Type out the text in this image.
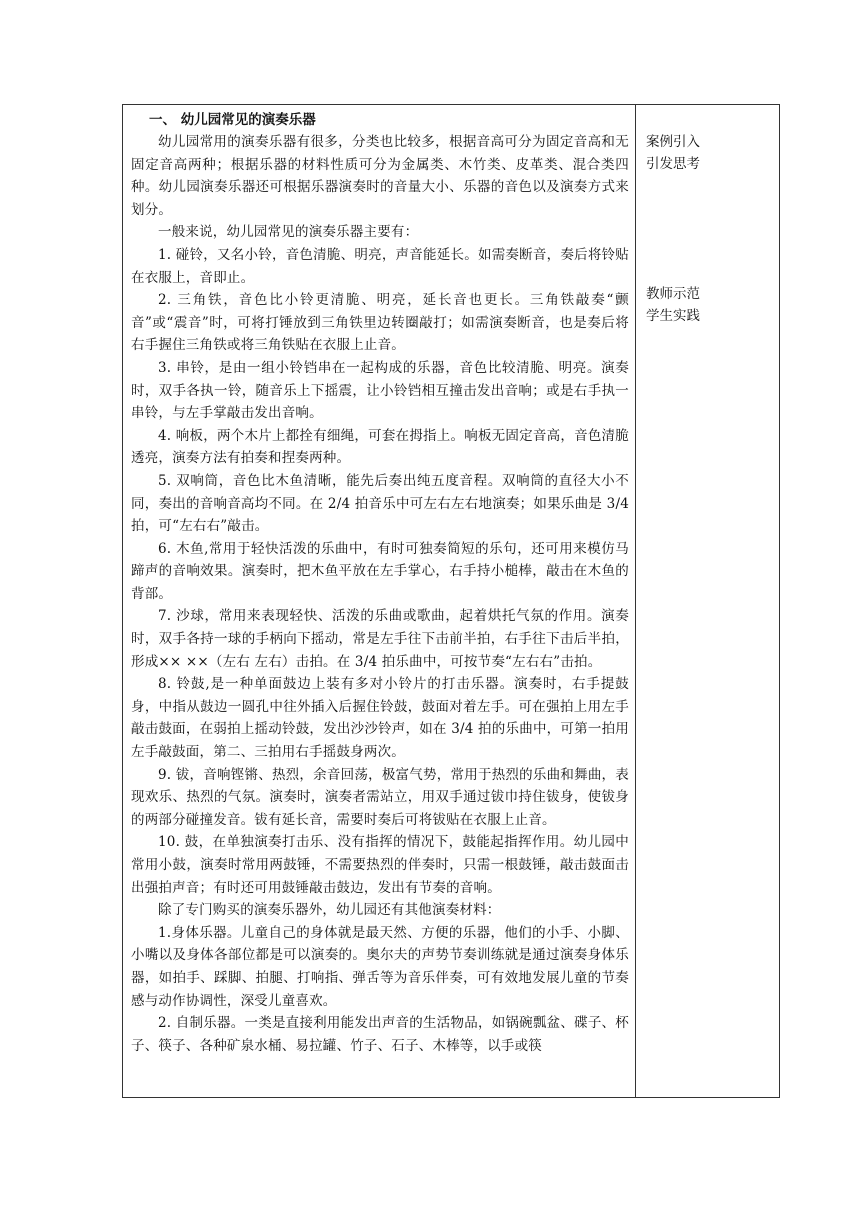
一、 幼儿园常见的演奏乐器

幼儿园常用的演奏乐器有很多，分类也比较多，根据音高可分为固定音高和无固定音高两种；根据乐器的材料性质可分为金属类、木竹类、皮革类、混合类四种。幼儿园演奏乐器还可根据乐器演奏时的音量大小、乐器的音色以及演奏方式来划分。

一般来说，幼儿园常见的演奏乐器主要有：

1. 碰铃，又名小铃，音色清脆、明亮，声音能延长。如需奏断音，奏后将铃贴在衣服上，音即止。

2. 三角铁，音色比小铃更清脆、明亮，延长音也更长。三角铁敲奏“颤音”或“震音”时，可将打锤放到三角铁里边转圈敲打；如需演奏断音，也是奏后将右手握住三角铁或将三角铁贴在衣服上止音。

3. 串铃，是由一组小铃铛串在一起构成的乐器，音色比较清脆、明亮。演奏时，双手各执一铃，随音乐上下摇震，让小铃铛相互撞击发出音响；或是右手执一串铃，与左手掌敲击发出音响。

4. 响板，两个木片上都拴有细绳，可套在拇指上。响板无固定音高，音色清脆透亮，演奏方法有拍奏和捏奏两种。

5. 双响筒，音色比木鱼清晰，能先后奏出纯五度音程。双响筒的直径大小不同，奏出的音响音高均不同。在 2/4 拍音乐中可左右左右地演奏；如果乐曲是 3/4 拍，可“左右右”敲击。

6. 木鱼,常用于轻快活泼的乐曲中，有时可独奏简短的乐句，还可用来模仿马蹄声的音响效果。演奏时，把木鱼平放在左手掌心，右手持小槌棒，敲击在木鱼的背部。

7. 沙球，常用来表现轻快、活泼的乐曲或歌曲，起着烘托气氛的作用。演奏时，双手各持一球的手柄向下摇动，常是左手往下击前半拍，右手往下击后半拍，形成×× ××（左右 左右）击拍。在 3/4 拍乐曲中，可按节奏“左右右”击拍。

8. 铃鼓,是一种单面鼓边上装有多对小铃片的打击乐器。演奏时，右手提鼓身，中指从鼓边一圆孔中往外插入后握住铃鼓，鼓面对着左手。可在强拍上用左手敲击鼓面，在弱拍上摇动铃鼓，发出沙沙铃声，如在 3/4 拍的乐曲中，可第一拍用左手敲鼓面，第二、三拍用右手摇鼓身两次。

9. 钹，音响铿锵、热烈，余音回荡，极富气势，常用于热烈的乐曲和舞曲，表现欢乐、热烈的气氛。演奏时，演奏者需站立，用双手通过钹巾持住钹身，使钹身的两部分碰撞发音。钹有延长音，需要时奏后可将钹贴在衣服上止音。

10. 鼓，在单独演奏打击乐、没有指挥的情况下，鼓能起指挥作用。幼儿园中常用小鼓，演奏时常用两鼓锤，不需要热烈的伴奏时，只需一根鼓锤，敲击鼓面击出强拍声音；有时还可用鼓锤敲击鼓边，发出有节奏的音响。

除了专门购买的演奏乐器外，幼儿园还有其他演奏材料：

1.身体乐器。儿童自己的身体就是最天然、方便的乐器，他们的小手、小脚、小嘴以及身体各部位都是可以演奏的。奥尔夫的声势节奏训练就是通过演奏身体乐器，如拍手、踩脚、拍腿、打响指、弹舌等为音乐伴奏，可有效地发展儿童的节奏感与动作协调性，深受儿童喜欢。

2. 自制乐器。一类是直接利用能发出声音的生活物品，如锅碗瓢盆、碟子、杯子、筷子、各种矿泉水桶、易拉罐、竹子、石子、木棒等，以手或筷

案例引入
引发思考

教师示范
学生实践
